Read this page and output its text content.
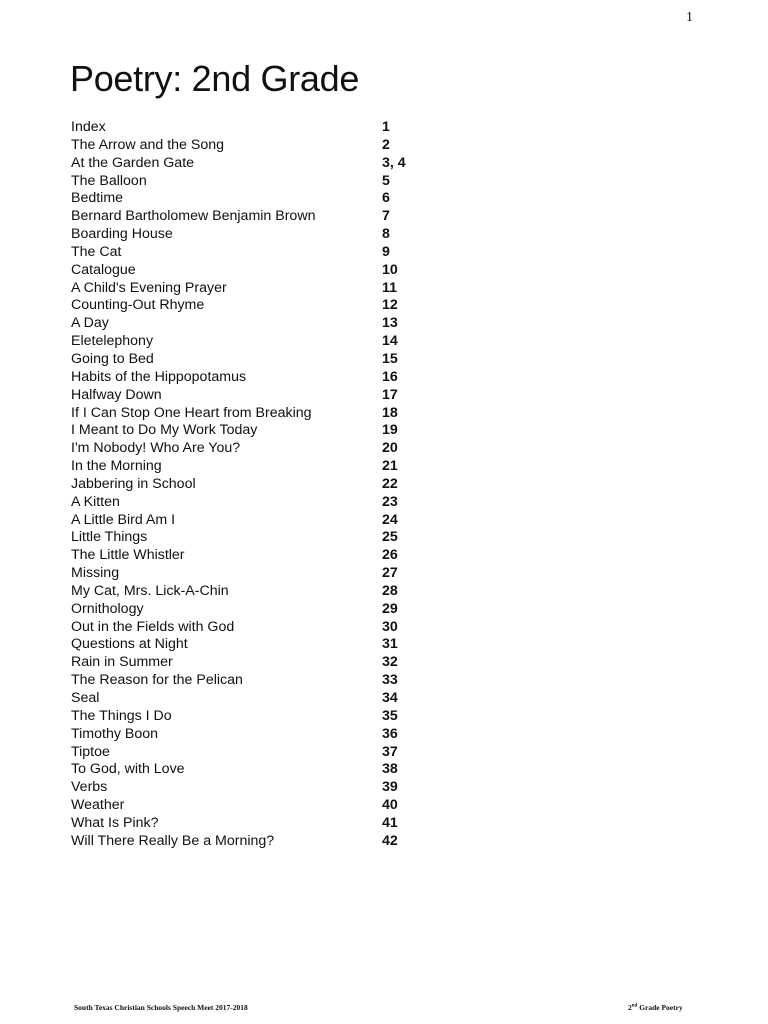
1
Poetry: 2nd Grade
Index	1
The Arrow and the Song	2
At the Garden Gate	3, 4
The Balloon	5
Bedtime	6
Bernard Bartholomew Benjamin Brown	7
Boarding House	8
The Cat	9
Catalogue	10
A Child's Evening Prayer	11
Counting-Out Rhyme	12
A Day	13
Eletelephony	14
Going to Bed	15
Habits of the Hippopotamus	16
Halfway Down	17
If I Can Stop One Heart from Breaking	18
I Meant to Do My Work Today	19
I'm Nobody! Who Are You?	20
In the Morning	21
Jabbering in School	22
A Kitten	23
A Little Bird Am I	24
Little Things	25
The Little Whistler	26
Missing	27
My Cat, Mrs. Lick-A-Chin	28
Ornithology	29
Out in the Fields with God	30
Questions at Night	31
Rain in Summer	32
The Reason for the Pelican	33
Seal	34
The Things I Do	35
Timothy Boon	36
Tiptoe	37
To God, with Love	38
Verbs	39
Weather	40
What Is Pink?	41
Will There Really Be a Morning?	42
South Texas Christian Schools Speech Meet 2017-2018	2nd Grade Poetry
